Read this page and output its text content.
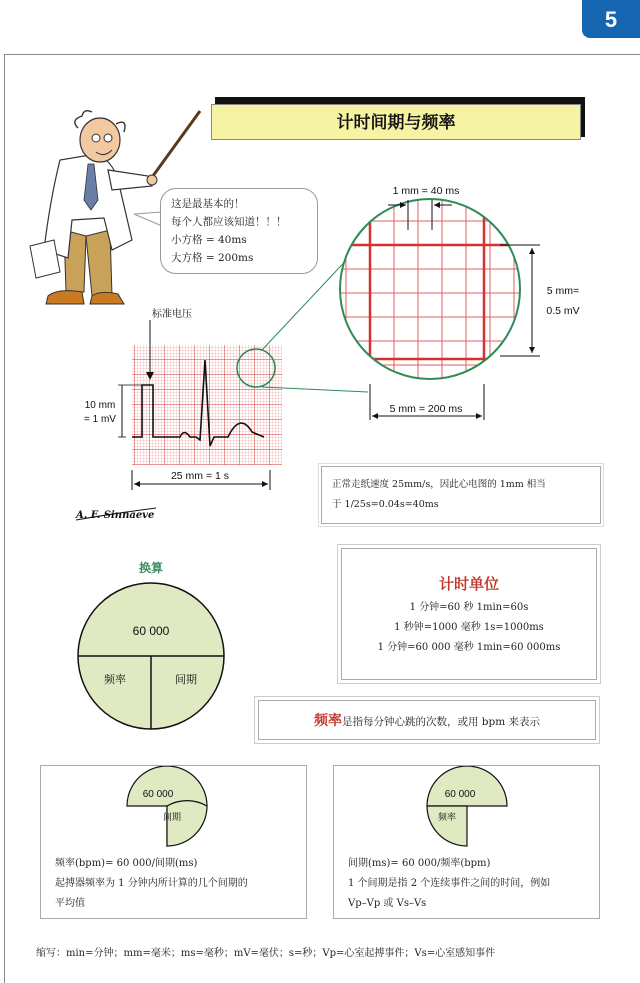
5
计时间期与频率
标准电压
10 mm
= 1 mV
25 mm = 1 s
1 mm = 40 ms
5 mm=
0.5 mV
5 mm = 200 ms
A. F. Sinnaeve
换算
60 000
频率	间期
60 000
间期
60 000
频率
这是最基本的！
每个人都应该知道！！！
小方格 = 40ms
大方格 = 200ms
正常走纸速度 25mm/s，因此心电图的 1mm 相当
于 1/25s=0.04s=40ms
计时单位
1 分钟=60 秒 1min=60s
1 秒钟=1000 毫秒 1s=1000ms
1 分钟=60 000 毫秒 1min=60 000ms
频率是指每分钟心跳的次数，或用 bpm 来表示
频率(bpm)= 60 000/间期(ms)
起搏器频率为 1 分钟内所计算的几个间期的
平均值
间期(ms)= 60 000/频率(bpm)
1 个间期是指 2 个连续事件之间的时间，例如
Vp–Vp 或 Vs–Vs
缩写：min=分钟；mm=毫米；ms=毫秒；mV=毫伏；s=秒；Vp=心室起搏事件；Vs=心室感知事件
